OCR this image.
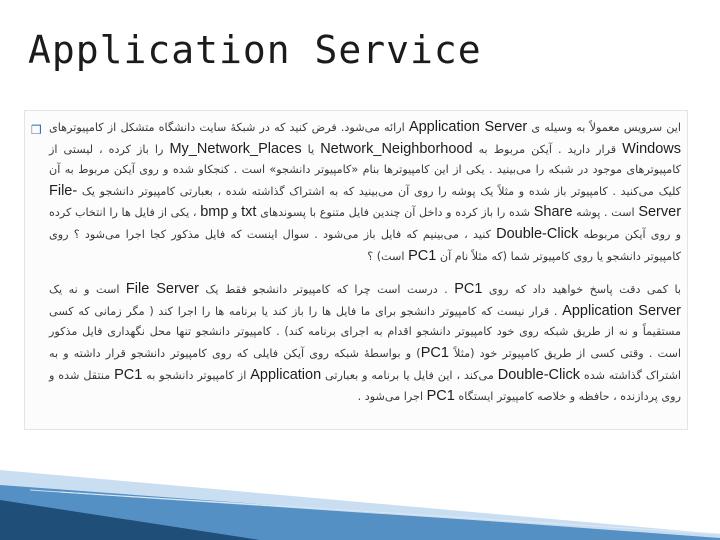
Application Service
❒	این سرویس معمولاً به وسیله ی Application Server ارائه می‌شود. فرض کنید که در شبکهٔ سایت دانشگاه متشکل از کامپیوترهای Windows قرار دارید . آیکن مربوط به Network_Neighborhood یا My_Network_Places را باز کرده ، لیستی از کامپیوترهای موجود در شبکه را می‌بینید . یکی از این کامپیوترها بنام «کامپیوتر دانشجو» است . کنجکاو شده و روی آیکن مربوط به آن کلیک می‌کنید . کامپیوتر باز شده و مثلاً یک پوشه را روی آن می‌بینید که به اشتراک گذاشته شده ، بعبارتی کامپیوتر دانشجو یک File-Server است . پوشه Share شده را باز کرده و داخل آن چندین فایل متنوع با پسوندهای txt و bmp ، یکی از فایل ها را انتخاب کرده و روی آیکن مربوطه Double-Click کنید ، می‌بینیم که فایل باز می‌شود . سوال اینست که فایل مذکور کجا اجرا می‌شود ؟ روی کامپیوتر دانشجو یا روی کامپیوتر شما (که مثلاً نام آن PC1 است) ؟

با کمی دقت پاسخ خواهید داد که روی PC1 . درست است چرا که کامپیوتر دانشجو فقط یک File Server است و نه یک Application Server . قرار نیست که کامپیوتر دانشجو برای ما فایل ها را باز کند یا برنامه ها را اجرا کند ( مگر زمانی که کسی مستقیماً و نه از طریق شبکه روی خود کامپیوتر دانشجو اقدام به اجرای برنامه کند) . کامپیوتر دانشجو تنها محل نگهداری فایل مذکور است . وقتی کسی از طریق کامپیوتر خود (مثلاً PC1) و بواسطهٔ شبکه روی آیکن فایلی که روی کامپیوتر دانشجو قرار داشته و به اشتراک گذاشته شده Double-Click می‌کند ، این فایل یا برنامه و بعبارتی Application از کامپیوتر دانشجو به PC1 منتقل شده و روی پردازنده ، حافظه و خلاصه کامپیوتر ایستگاه PC1 اجرا می‌شود .
